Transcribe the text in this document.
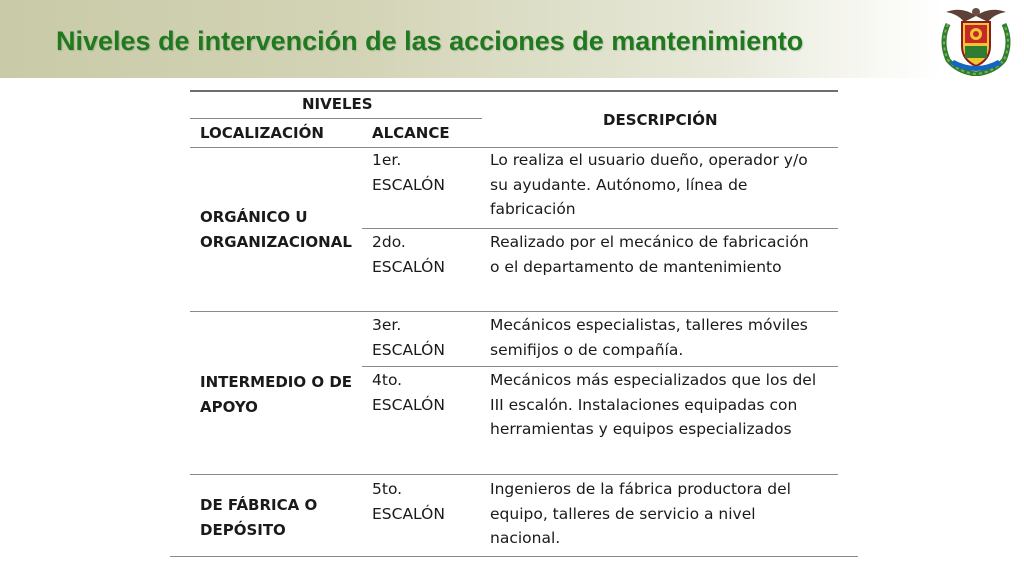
Niveles de intervención de las acciones de mantenimiento
NIVELES
LOCALIZACIÓN	ALCANCE
DESCRIPCIÓN
ORGÁNICO U
ORGANIZACIONAL
1er.
ESCALÓN
Lo realiza el usuario dueño, operador y/o
su ayudante. Autónomo, línea de
fabricación
2do.
ESCALÓN
Realizado por el mecánico de fabricación
o el departamento de mantenimiento
INTERMEDIO O DE
APOYO
3er.
ESCALÓN
Mecánicos especialistas, talleres móviles
semifijos o de compañía.
4to.
ESCALÓN
Mecánicos más especializados que los del
III escalón. Instalaciones equipadas con
herramientas y equipos especializados
DE FÁBRICA O
DEPÓSITO
5to.
ESCALÓN
Ingenieros de la fábrica productora del
equipo, talleres de servicio a nivel
nacional.
